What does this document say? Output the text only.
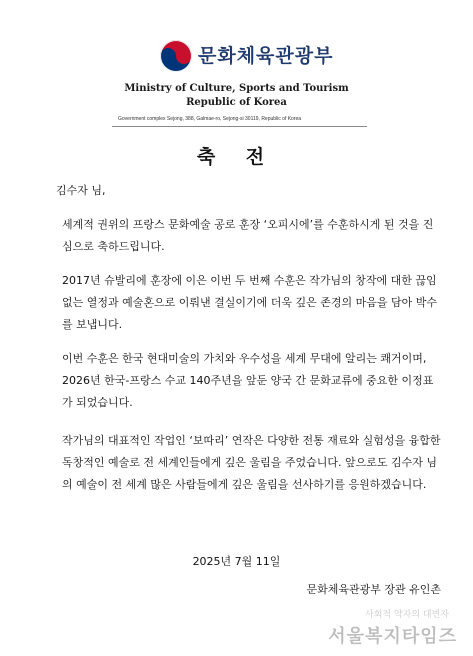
문화체육관광부
Ministry of Culture, Sports and Tourism
Republic of Korea
Government complex Sejong, 388, Galmae-ro, Sejong-si 30119, Republic of Korea
축 전

김수자 님,

세계적 권위의 프랑스 문화예술 공로 훈장 ‘오피시에’를 수훈하시게 된 것을 진심으로 축하드립니다.

2017년 슈발리에 훈장에 이은 이번 두 번째 수훈은 작가님의 창작에 대한 끊임없는 열정과 예술혼으로 이뤄낸 결실이기에 더욱 깊은 존경의 마음을 담아 박수를 보냅니다.

이번 수훈은 한국 현대미술의 가치와 우수성을 세계 무대에 알리는 쾌거이며, 2026년 한국-프랑스 수교 140주년을 앞둔 양국 간 문화교류에 중요한 이정표가 되었습니다.

작가님의 대표적인 작업인 ‘보따리’ 연작은 다양한 전통 재료와 실험성을 융합한 독창적인 예술로 전 세계인들에게 깊은 울림을 주었습니다. 앞으로도 김수자 님의 예술이 전 세계 많은 사람들에게 깊은 울림을 선사하기를 응원하겠습니다.

2025년 7월 11일
문화체육관광부 장관 유인촌
사회적 약자의 대변자
서울복지타임즈
